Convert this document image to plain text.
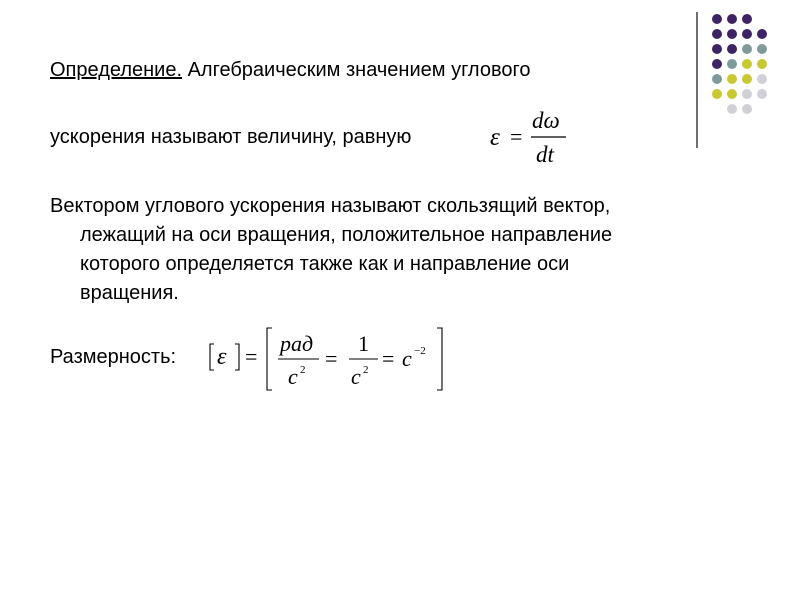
Определение. Алгебраическим значением углового
ускорения называют величину, равную	ε =
dω
dt
Вектором углового ускорения называют скользящий вектор,
лежащий на оси вращения, положительное направление
которого определяется также как и направление оси
вращения.
Размерность: ε =
рад
c 2 =
1
c 2 = c −2
